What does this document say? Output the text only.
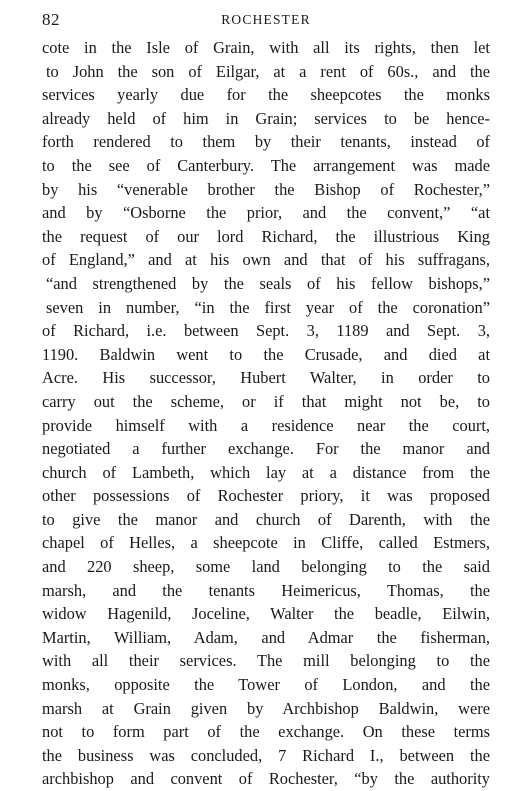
82	ROCHESTER
cote in the Isle of Grain, with all its rights, then let
to John the son of Eilgar, at a rent of 60s., and the
services yearly due for the sheepcotes the monks
already held of him in Grain; services to be hence-
forth rendered to them by their tenants, instead of
to the see of Canterbury. The arrangement was made
by his “venerable brother the Bishop of Rochester,”
and by “Osborne the prior, and the convent,” “at
the request of our lord Richard, the illustrious King
of England,” and at his own and that of his suffragans,
“and strengthened by the seals of his fellow bishops,”
seven in number, “in the first year of the coronation”
of Richard, i.e. between Sept. 3, 1189 and Sept. 3,
1190. Baldwin went to the Crusade, and died at
Acre. His successor, Hubert Walter, in order to
carry out the scheme, or if that might not be, to
provide himself with a residence near the court,
negotiated a further exchange. For the manor and
church of Lambeth, which lay at a distance from the
other possessions of Rochester priory, it was proposed
to give the manor and church of Darenth, with the
chapel of Helles, a sheepcote in Cliffe, called Estmers,
and 220 sheep, some land belonging to the said
marsh, and the tenants Heimericus, Thomas, the
widow Hagenild, Joceline, Walter the beadle, Eilwin,
Martin, William, Adam, and Admar the fisherman,
with all their services. The mill belonging to the
monks, opposite the Tower of London, and the
marsh at Grain given by Archbishop Baldwin, were
not to form part of the exchange. On these terms
the business was concluded, 7 Richard I., between the
archbishop and convent of Rochester, “by the authority
